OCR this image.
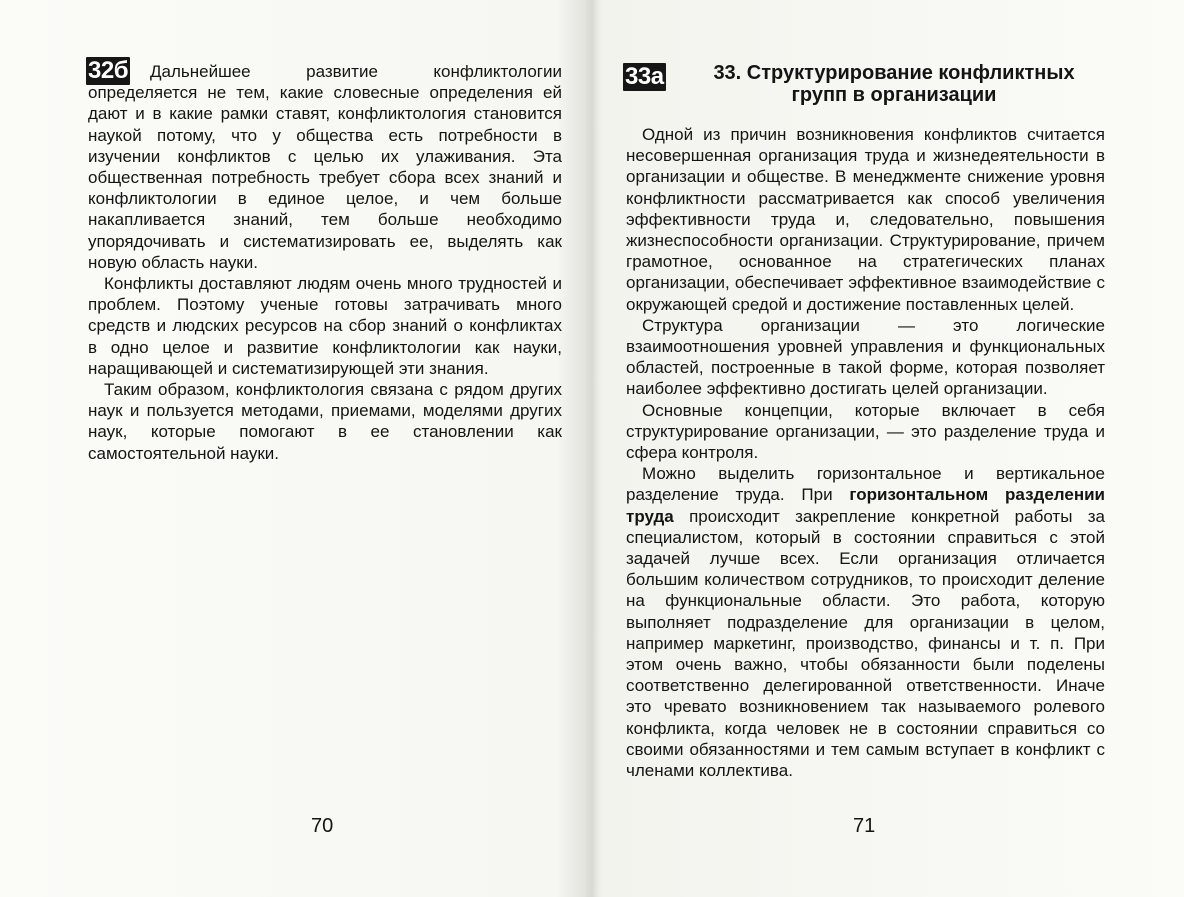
32б	Дальнейшее развитие конфликтологии определяется не тем, какие словесные определения ей дают и в какие рамки ставят, конфликтология становится наукой потому, что у общества есть потребности в изучении конфликтов с целью их улаживания. Эта общественная потребность требует сбора всех знаний и конфликтологии в единое целое, и чем больше накапливается знаний, тем больше необходимо упорядочивать и систематизировать ее, выделять как новую область науки.

Конфликты доставляют людям очень много трудностей и проблем. Поэтому ученые готовы затрачивать много средств и людских ресурсов на сбор знаний о конфликтах в одно целое и развитие конфликтологии как науки, наращивающей и систематизирующей эти знания.

Таким образом, конфликтология связана с рядом других наук и пользуется методами, приемами, моделями других наук, которые помогают в ее становлении как самостоятельной науки.

70
33а	33. Структурирование конфликтных групп в организации

Одной из причин возникновения конфликтов считается несовершенная организация труда и жизнедеятельности в организации и обществе. В менеджменте снижение уровня конфликтности рассматривается как способ увеличения эффективности труда и, следовательно, повышения жизнеспособности организации. Структурирование, причем грамотное, основанное на стратегических планах организации, обеспечивает эффективное взаимодействие с окружающей средой и достижение поставленных целей.

Структура организации — это логические взаимоотношения уровней управления и функциональных областей, построенные в такой форме, которая позволяет наиболее эффективно достигать целей организации.

Основные концепции, которые включает в себя структурирование организации, — это разделение труда и сфера контроля.

Можно выделить горизонтальное и вертикальное разделение труда. При горизонтальном разделении труда происходит закрепление конкретной работы за специалистом, который в состоянии справиться с этой задачей лучше всех. Если организация отличается большим количеством сотрудников, то происходит деление на функциональные области. Это работа, которую выполняет подразделение для организации в целом, например маркетинг, производство, финансы и т. п. При этом очень важно, чтобы обязанности были поделены соответственно делегированной ответственности. Иначе это чревато возникновением так называемого ролевого конфликта, когда человек не в состоянии справиться со своими обязанностями и тем самым вступает в конфликт с членами коллектива.

71
